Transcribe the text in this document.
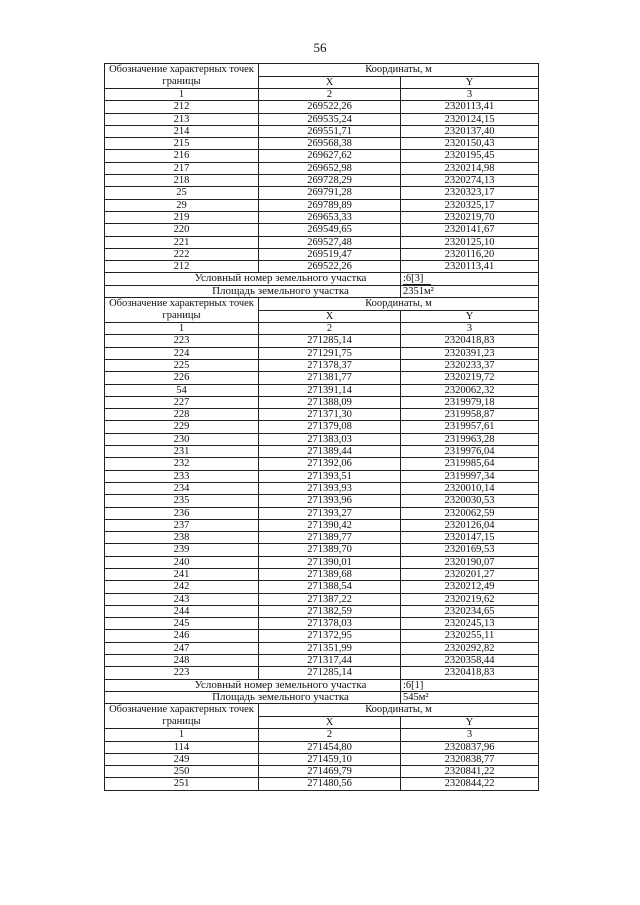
56
Обозначение характерных точек границы	Координаты, м	
	X	Y
1	2	3
212	269522,26	2320113,41
213	269535,24	2320124,15
214	269551,71	2320137,40
215	269568,38	2320150,43
216	269627,62	2320195,45
217	269652,98	2320214,98
218	269728,29	2320274,13
25	269791,28	2320323,17
29	269789,89	2320325,17
219	269653,33	2320219,70
220	269549,65	2320141,67
221	269527,48	2320125,10
222	269519,47	2320116,20
212	269522,26	2320113,41
Условный номер земельного участка		:6[3]
Площадь земельного участка		2351м²
Обозначение характерных точек границы	Координаты, м	
	X	Y
1	2	3
223	271285,14	2320418,83
224	271291,75	2320391,23
225	271378,37	2320233,37
226	271381,77	2320219,72
54	271391,14	2320062,32
227	271388,09	2319979,18
228	271371,30	2319958,87
229	271379,08	2319957,61
230	271383,03	2319963,28
231	271389,44	2319976,04
232	271392,06	2319985,64
233	271393,51	2319997,34
234	271393,93	2320010,14
235	271393,96	2320030,53
236	271393,27	2320062,59
237	271390,42	2320126,04
238	271389,77	2320147,15
239	271389,70	2320169,53
240	271390,01	2320190,07
241	271389,68	2320201,27
242	271388,54	2320212,49
243	271387,22	2320219,62
244	271382,59	2320234,65
245	271378,03	2320245,13
246	271372,95	2320255,11
247	271351,99	2320292,82
248	271317,44	2320358,44
223	271285,14	2320418,83
Условный номер земельного участка		:6[1]
Площадь земельного участка		545м²
Обозначение характерных точек границы	Координаты, м	
	X	Y
1	2	3
114	271454,80	2320837,96
249	271459,10	2320838,77
250	271469,79	2320841,22
251	271480,56	2320844,22
